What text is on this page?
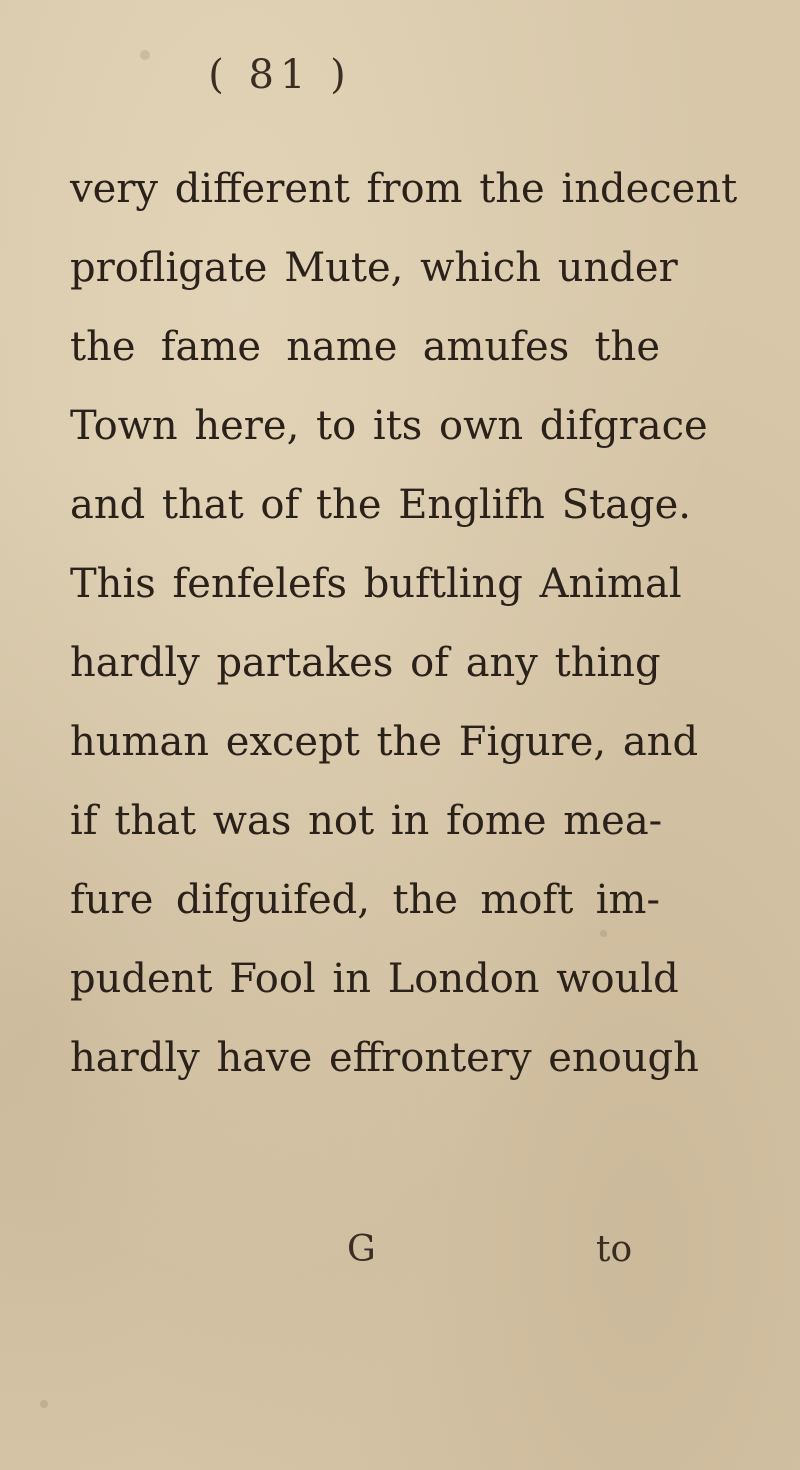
( 81 )
very different from the indecent
profligate Mute, which under
the fame name amufes the
Town here, to its own difgrace
and that of the Englifh Stage.
This fenfelefs buftling Animal
hardly partakes of any thing
human except the Figure, and
if that was not in fome mea-
fure difguifed, the moft im-
pudent Fool in London would
hardly have effrontery enough
G	to
